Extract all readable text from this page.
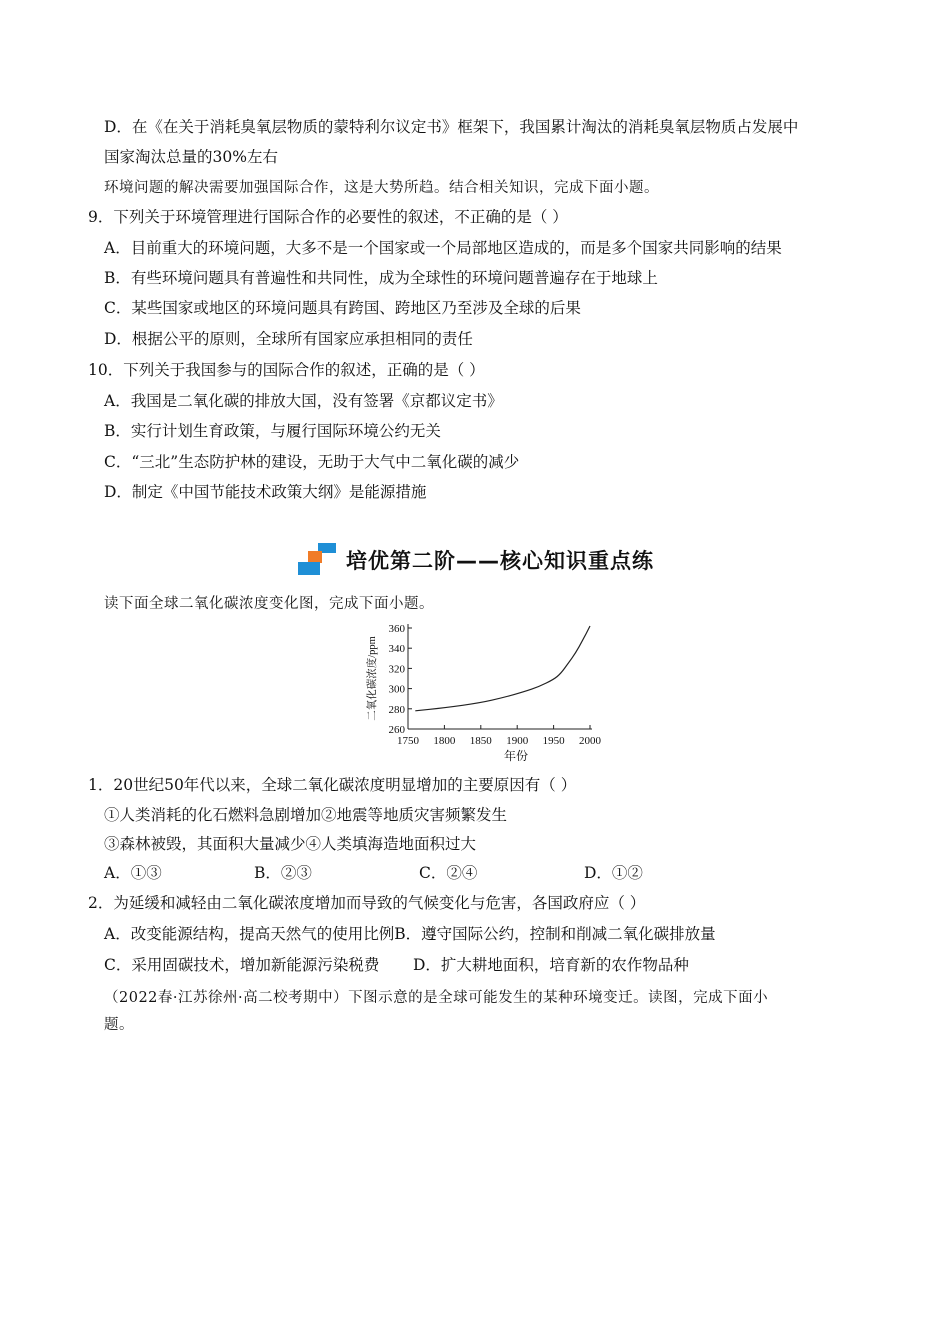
D．在《在关于消耗臭氧层物质的蒙特利尔议定书》框架下，我国累计淘汰的消耗臭氧层物质占发展中
国家淘汰总量的30%左右
环境问题的解决需要加强国际合作，这是大势所趋。结合相关知识，完成下面小题。
9．下列关于环境管理进行国际合作的必要性的叙述，不正确的是（ ）
A．目前重大的环境问题，大多不是一个国家或一个局部地区造成的，而是多个国家共同影响的结果
B．有些环境问题具有普遍性和共同性，成为全球性的环境问题普遍存在于地球上
C．某些国家或地区的环境问题具有跨国、跨地区乃至涉及全球的后果
D．根据公平的原则，全球所有国家应承担相同的责任
10．下列关于我国参与的国际合作的叙述，正确的是（ ）
A．我国是二氧化碳的排放大国，没有签署《京都议定书》
B．实行计划生育政策，与履行国际环境公约无关
C．“三北”生态防护林的建设，无助于大气中二氧化碳的减少
D．制定《中国节能技术政策大纲》是能源措施
培优第二阶——核心知识重点练
读下面全球二氧化碳浓度变化图，完成下面小题。
二氧化碳浓度/ppm
260
280
300
320
340
360
1750 1800 1850 1900 1950 2000
年份
1．20世纪50年代以来，全球二氧化碳浓度明显增加的主要原因有（ ）
①人类消耗的化石燃料急剧增加②地震等地质灾害频繁发生
③森林被毁，其面积大量减少④人类填海造地面积过大
A．①③	B．②③	C．②④	D．①②
2．为延缓和减轻由二氧化碳浓度增加而导致的气候变化与危害，各国政府应（ ）
A．改变能源结构，提高天然气的使用比例B．遵守国际公约，控制和削减二氧化碳排放量
C．采用固碳技术，增加新能源污染税费 D．扩大耕地面积，培育新的农作物品种
（2022春·江苏徐州·高二校考期中）下图示意的是全球可能发生的某种环境变迁。读图，完成下面小
题。
